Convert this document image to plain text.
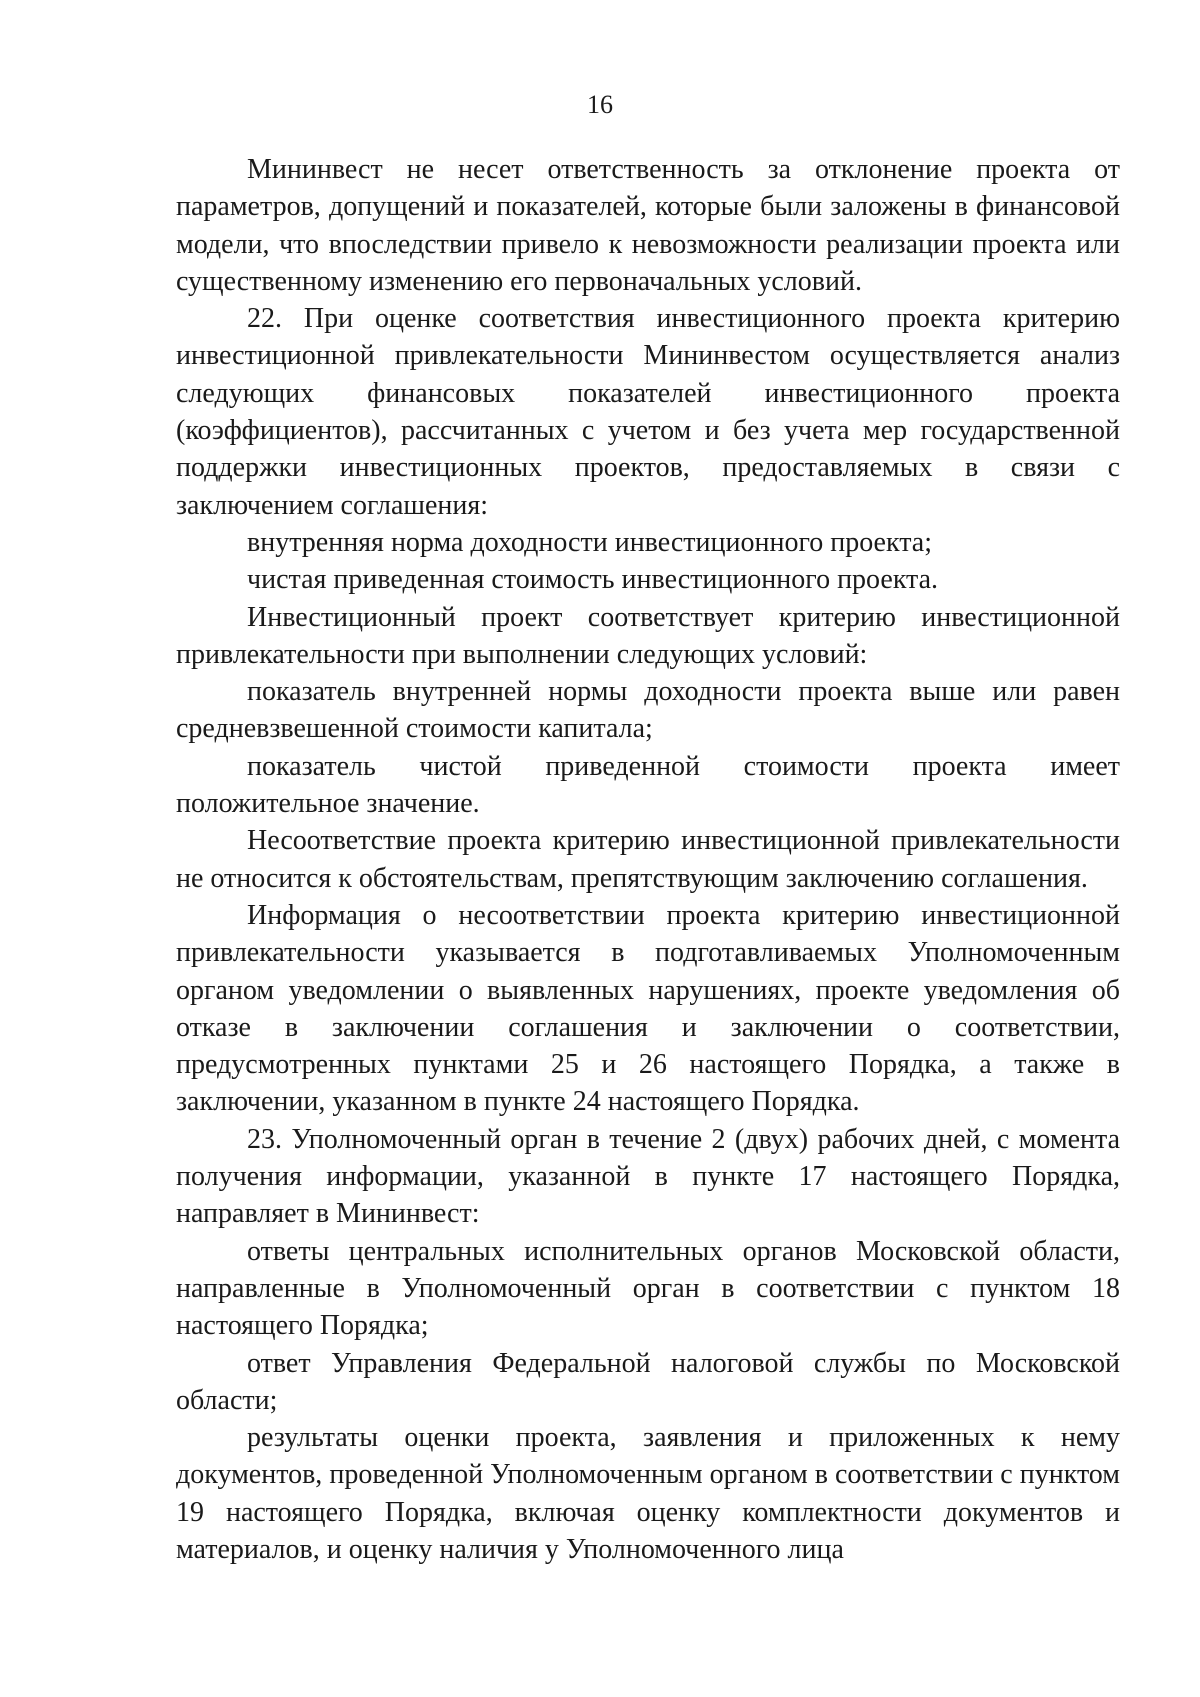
16

Мининвест не несет ответственность за отклонение проекта от параметров, допущений и показателей, которые были заложены в финансовой модели, что впоследствии привело к невозможности реализации проекта или существенному изменению его первоначальных условий.

22. При оценке соответствия инвестиционного проекта критерию инвестиционной привлекательности Мининвестом осуществляется анализ следующих финансовых показателей инвестиционного проекта (коэффициентов), рассчитанных с учетом и без учета мер государственной поддержки инвестиционных проектов, предоставляемых в связи с заключением соглашения:

внутренняя норма доходности инвестиционного проекта;

чистая приведенная стоимость инвестиционного проекта.

Инвестиционный проект соответствует критерию инвестиционной привлекательности при выполнении следующих условий:

показатель внутренней нормы доходности проекта выше или равен средневзвешенной стоимости капитала;

показатель чистой приведенной стоимости проекта имеет положительное значение.

Несоответствие проекта критерию инвестиционной привлекательности не относится к обстоятельствам, препятствующим заключению соглашения.

Информация о несоответствии проекта критерию инвестиционной привлекательности указывается в подготавливаемых Уполномоченным органом уведомлении о выявленных нарушениях, проекте уведомления об отказе в заключении соглашения и заключении о соответствии, предусмотренных пунктами 25 и 26 настоящего Порядка, а также в заключении, указанном в пункте 24 настоящего Порядка.

23. Уполномоченный орган в течение 2 (двух) рабочих дней, с момента получения информации, указанной в пункте 17 настоящего Порядка, направляет в Мининвест:

ответы центральных исполнительных органов Московской области, направленные в Уполномоченный орган в соответствии с пунктом 18 настоящего Порядка;

ответ Управления Федеральной налоговой службы по Московской области;

результаты оценки проекта, заявления и приложенных к нему документов, проведенной Уполномоченным органом в соответствии с пунктом 19 настоящего Порядка, включая оценку комплектности документов и материалов, и оценку наличия у Уполномоченного лица
